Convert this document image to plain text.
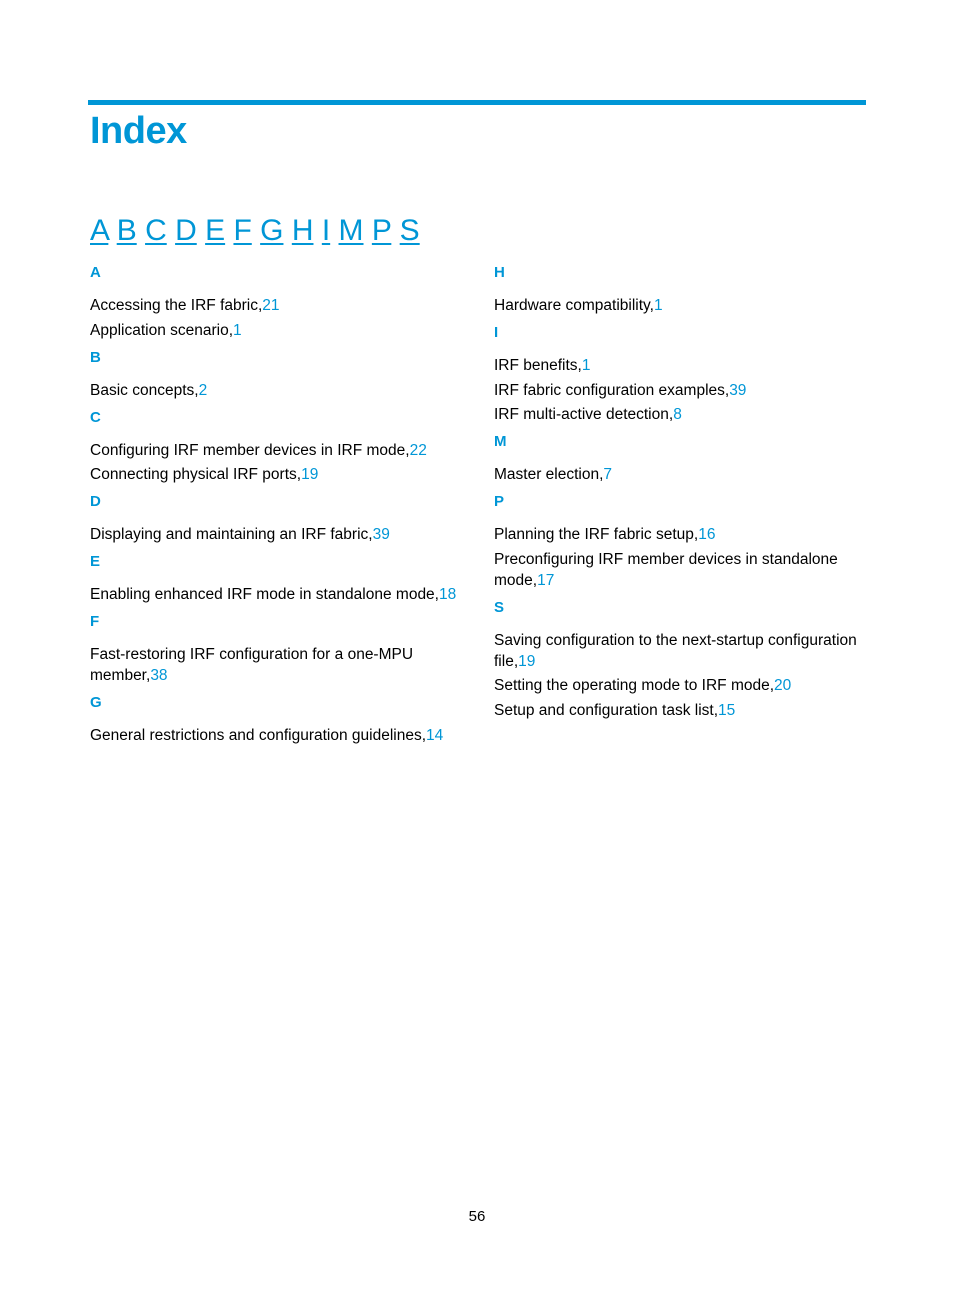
Index
A B C D E F G H I M P S
A
Accessing the IRF fabric,21
Application scenario,1
B
Basic concepts,2
C
Configuring IRF member devices in IRF mode,22
Connecting physical IRF ports,19
D
Displaying and maintaining an IRF fabric,39
E
Enabling enhanced IRF mode in standalone mode,18
F
Fast-restoring IRF configuration for a one-MPU member,38
G
General restrictions and configuration guidelines,14
H
Hardware compatibility,1
I
IRF benefits,1
IRF fabric configuration examples,39
IRF multi-active detection,8
M
Master election,7
P
Planning the IRF fabric setup,16
Preconfiguring IRF member devices in standalone mode,17
S
Saving configuration to the next-startup configuration file,19
Setting the operating mode to IRF mode,20
Setup and configuration task list,15
56
